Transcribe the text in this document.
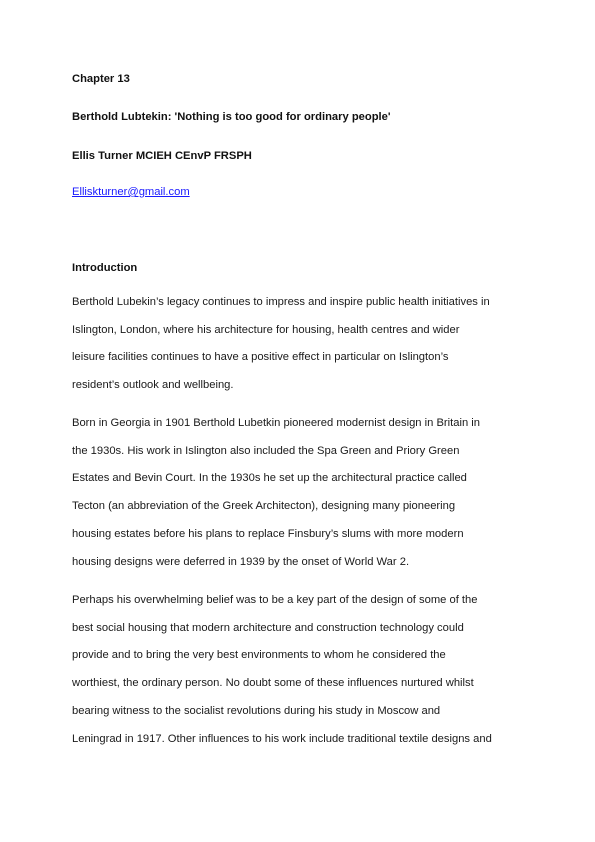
Chapter 13
Berthold Lubtekin: 'Nothing is too good for ordinary people'
Ellis Turner MCIEH CEnvP FRSPH
Elliskturner@gmail.com
Introduction
Berthold Lubekin’s legacy continues to impress and inspire public health initiatives in
Islington, London, where his architecture for housing, health centres and wider
leisure facilities continues to have a positive effect in particular on Islington’s
resident’s outlook and wellbeing.
Born in Georgia in 1901 Berthold Lubetkin pioneered modernist design in Britain in
the 1930s. His work in Islington also included the Spa Green and Priory Green
Estates and Bevin Court. In the 1930s he set up the architectural practice called
Tecton (an abbreviation of the Greek Architecton), designing many pioneering
housing estates before his plans to replace Finsbury’s slums with more modern
housing designs were deferred in 1939 by the onset of World War 2.
Perhaps his overwhelming belief was to be a key part of the design of some of the
best social housing that modern architecture and construction technology could
provide and to bring the very best environments to whom he considered the
worthiest, the ordinary person. No doubt some of these influences nurtured whilst
bearing witness to the socialist revolutions during his study in Moscow and
Leningrad in 1917. Other influences to his work include traditional textile designs and
